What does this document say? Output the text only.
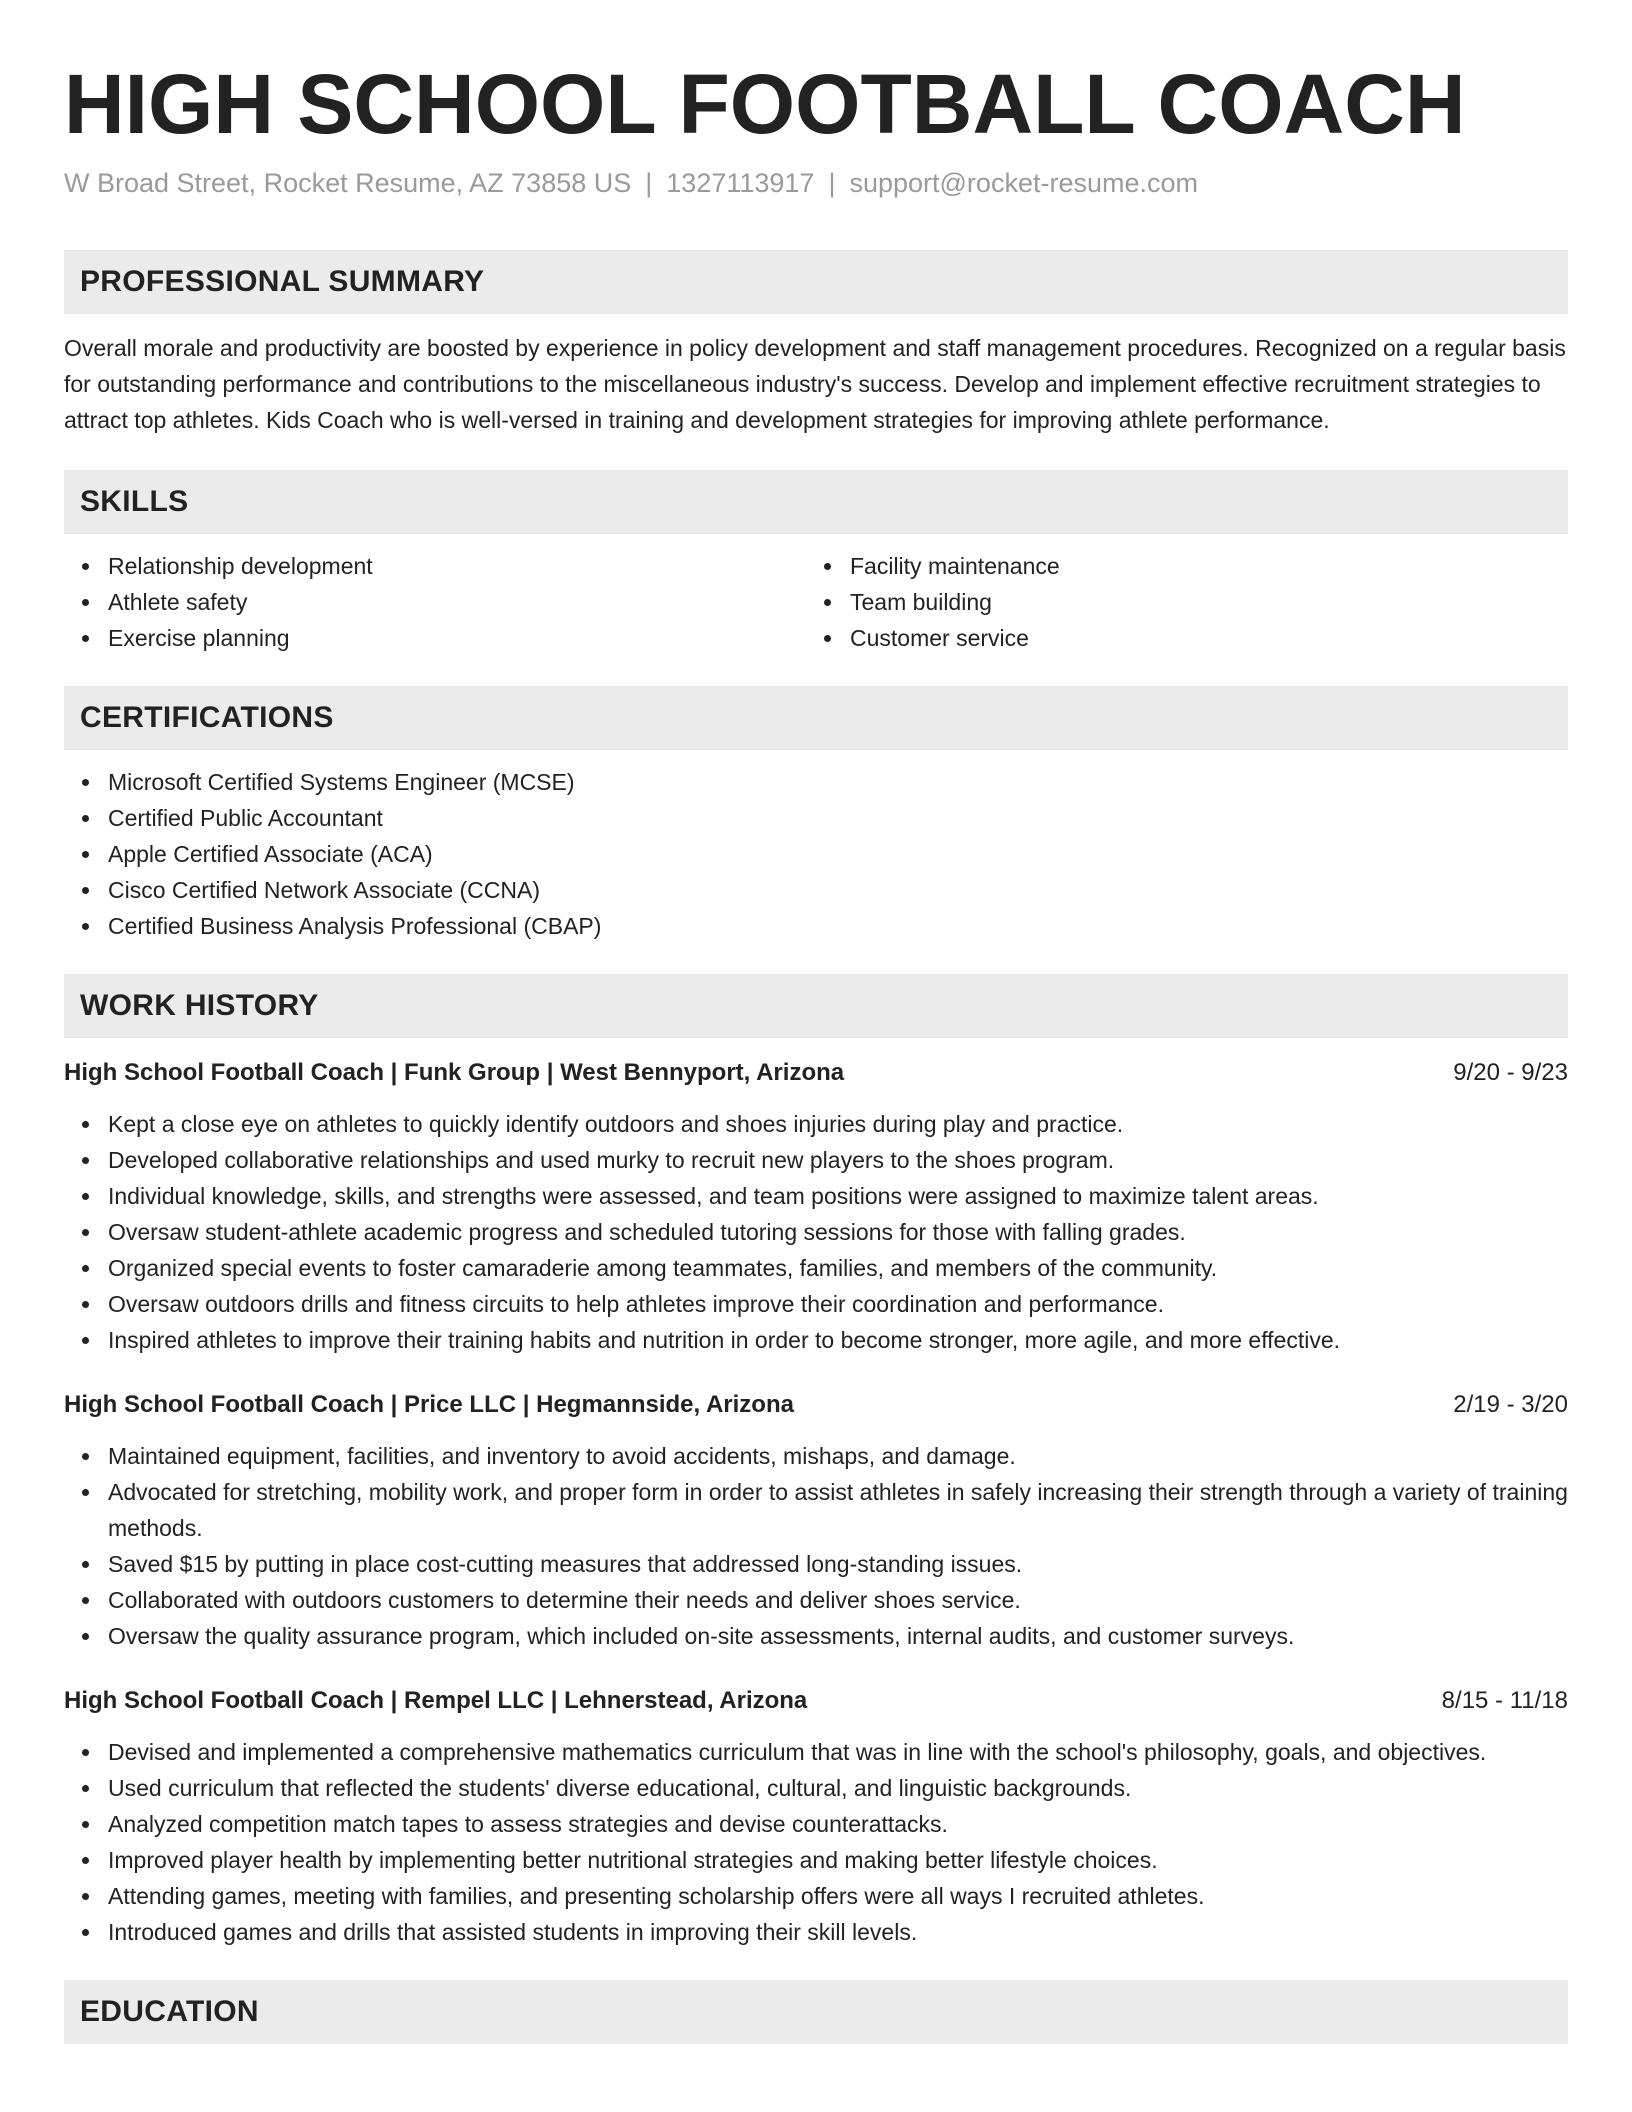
HIGH SCHOOL FOOTBALL COACH
W Broad Street, Rocket Resume, AZ 73858 US | 1327113917 | support@rocket-resume.com
PROFESSIONAL SUMMARY

Overall morale and productivity are boosted by experience in policy development and staff management procedures. Recognized on a regular basis for outstanding performance and contributions to the miscellaneous industry's success. Develop and implement effective recruitment strategies to attract top athletes. Kids Coach who is well-versed in training and development strategies for improving athlete performance.

SKILLS
Relationship development
Athlete safety
Exercise planning
Facility maintenance
Team building
Customer service
CERTIFICATIONS
Microsoft Certified Systems Engineer (MCSE)
Certified Public Accountant
Apple Certified Associate (ACA)
Cisco Certified Network Associate (CCNA)
Certified Business Analysis Professional (CBAP)
WORK HISTORY
High School Football Coach | Funk Group | West Bennyport, Arizona	9/20 - 9/23
Kept a close eye on athletes to quickly identify outdoors and shoes injuries during play and practice.
Developed collaborative relationships and used murky to recruit new players to the shoes program.
Individual knowledge, skills, and strengths were assessed, and team positions were assigned to maximize talent areas.
Oversaw student-athlete academic progress and scheduled tutoring sessions for those with falling grades.
Organized special events to foster camaraderie among teammates, families, and members of the community.
Oversaw outdoors drills and fitness circuits to help athletes improve their coordination and performance.
Inspired athletes to improve their training habits and nutrition in order to become stronger, more agile, and more effective.
High School Football Coach | Price LLC | Hegmannside, Arizona	2/19 - 3/20
Maintained equipment, facilities, and inventory to avoid accidents, mishaps, and damage.
Advocated for stretching, mobility work, and proper form in order to assist athletes in safely increasing their strength through a variety of training methods.
Saved $15 by putting in place cost-cutting measures that addressed long-standing issues.
Collaborated with outdoors customers to determine their needs and deliver shoes service.
Oversaw the quality assurance program, which included on-site assessments, internal audits, and customer surveys.
High School Football Coach | Rempel LLC | Lehnerstead, Arizona	8/15 - 11/18
Devised and implemented a comprehensive mathematics curriculum that was in line with the school's philosophy, goals, and objectives.
Used curriculum that reflected the students' diverse educational, cultural, and linguistic backgrounds.
Analyzed competition match tapes to assess strategies and devise counterattacks.
Improved player health by implementing better nutritional strategies and making better lifestyle choices.
Attending games, meeting with families, and presenting scholarship offers were all ways I recruited athletes.
Introduced games and drills that assisted students in improving their skill levels.
EDUCATION
